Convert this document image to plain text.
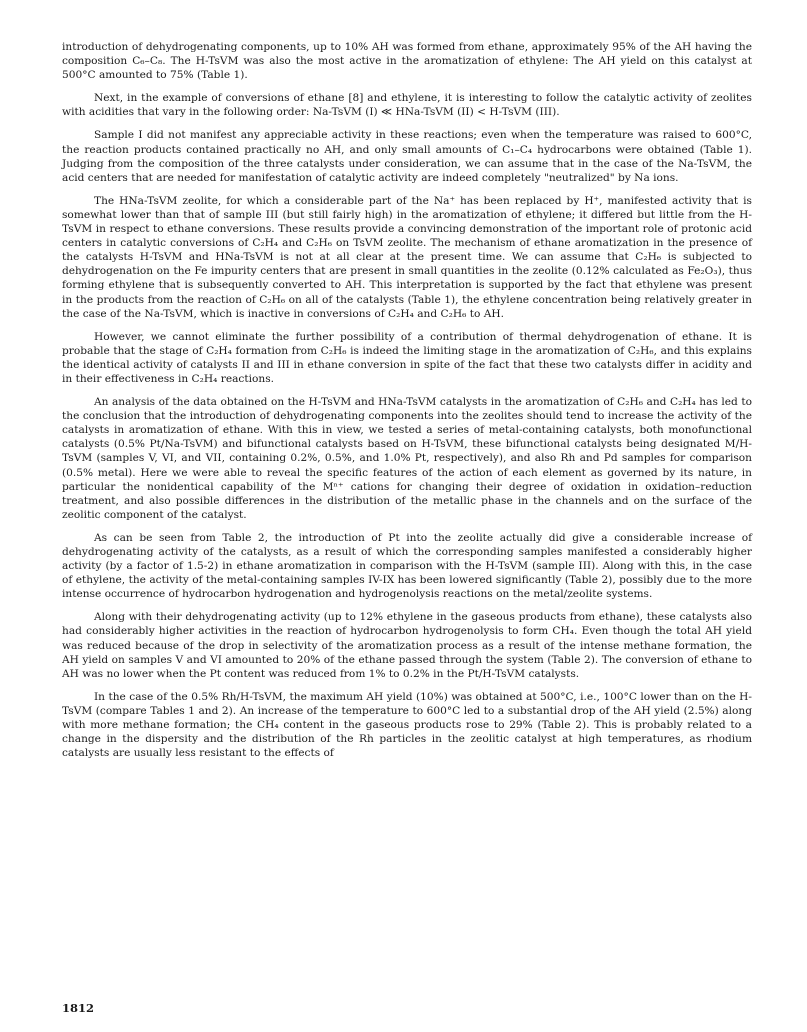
introduction of dehydrogenating components, up to 10% AH was formed from ethane, approximately 95% of the AH having the composition C₆–C₈. The H-TsVM was also the most active in the aromatization of ethylene: The AH yield on this catalyst at 500°C amounted to 75% (Table 1).

Next, in the example of conversions of ethane [8] and ethylene, it is interesting to follow the catalytic activity of zeolites with acidities that vary in the following order: Na-TsVM (I) ≪ HNa-TsVM (II) < H-TsVM (III).

Sample I did not manifest any appreciable activity in these reactions; even when the temperature was raised to 600°C, the reaction products contained practically no AH, and only small amounts of C₁–C₄ hydrocarbons were obtained (Table 1). Judging from the composition of the three catalysts under consideration, we can assume that in the case of the Na-TsVM, the acid centers that are needed for manifestation of catalytic activity are indeed completely "neutralized" by Na ions.

The HNa-TsVM zeolite, for which a considerable part of the Na⁺ has been replaced by H⁺, manifested activity that is somewhat lower than that of sample III (but still fairly high) in the aromatization of ethylene; it differed but little from the H-TsVM in respect to ethane conversions. These results provide a convincing demonstration of the important role of protonic acid centers in catalytic conversions of C₂H₄ and C₂H₆ on TsVM zeolite. The mechanism of ethane aromatization in the presence of the catalysts H-TsVM and HNa-TsVM is not at all clear at the present time. We can assume that C₂H₆ is subjected to dehydrogenation on the Fe impurity centers that are present in small quantities in the zeolite (0.12% calculated as Fe₂O₃), thus forming ethylene that is subsequently converted to AH. This interpretation is supported by the fact that ethylene was present in the products from the reaction of C₂H₆ on all of the catalysts (Table 1), the ethylene concentration being relatively greater in the case of the Na-TsVM, which is inactive in conversions of C₂H₄ and C₂H₆ to AH.

However, we cannot eliminate the further possibility of a contribution of thermal dehydrogenation of ethane. It is probable that the stage of C₂H₄ formation from C₂H₆ is indeed the limiting stage in the aromatization of C₂H₆, and this explains the identical activity of catalysts II and III in ethane conversion in spite of the fact that these two catalysts differ in acidity and in their effectiveness in C₂H₄ reactions.

An analysis of the data obtained on the H-TsVM and HNa-TsVM catalysts in the aromatization of C₂H₆ and C₂H₄ has led to the conclusion that the introduction of dehydrogenating components into the zeolites should tend to increase the activity of the catalysts in aromatization of ethane. With this in view, we tested a series of metal-containing catalysts, both monofunctional catalysts (0.5% Pt/Na-TsVM) and bifunctional catalysts based on H-TsVM, these bifunctional catalysts being designated M/H-TsVM (samples V, VI, and VII, containing 0.2%, 0.5%, and 1.0% Pt, respectively), and also Rh and Pd samples for comparison (0.5% metal). Here we were able to reveal the specific features of the action of each element as governed by its nature, in particular the nonidentical capability of the Mⁿ⁺ cations for changing their degree of oxidation in oxidation–reduction treatment, and also possible differences in the distribution of the metallic phase in the channels and on the surface of the zeolitic component of the catalyst.

As can be seen from Table 2, the introduction of Pt into the zeolite actually did give a considerable increase of dehydrogenating activity of the catalysts, as a result of which the corresponding samples manifested a considerably higher activity (by a factor of 1.5-2) in ethane aromatization in comparison with the H-TsVM (sample III). Along with this, in the case of ethylene, the activity of the metal-containing samples IV-IX has been lowered significantly (Table 2), possibly due to the more intense occurrence of hydrocarbon hydrogenation and hydrogenolysis reactions on the metal/zeolite systems.

Along with their dehydrogenating activity (up to 12% ethylene in the gaseous products from ethane), these catalysts also had considerably higher activities in the reaction of hydrocarbon hydrogenolysis to form CH₄. Even though the total AH yield was reduced because of the drop in selectivity of the aromatization process as a result of the intense methane formation, the AH yield on samples V and VI amounted to 20% of the ethane passed through the system (Table 2). The conversion of ethane to AH was no lower when the Pt content was reduced from 1% to 0.2% in the Pt/H-TsVM catalysts.

In the case of the 0.5% Rh/H-TsVM, the maximum AH yield (10%) was obtained at 500°C, i.e., 100°C lower than on the H-TsVM (compare Tables 1 and 2). An increase of the temperature to 600°C led to a substantial drop of the AH yield (2.5%) along with more methane formation; the CH₄ content in the gaseous products rose to 29% (Table 2). This is probably related to a change in the dispersity and the distribution of the Rh particles in the zeolitic catalyst at high temperatures, as rhodium catalysts are usually less resistant to the effects of

1812
